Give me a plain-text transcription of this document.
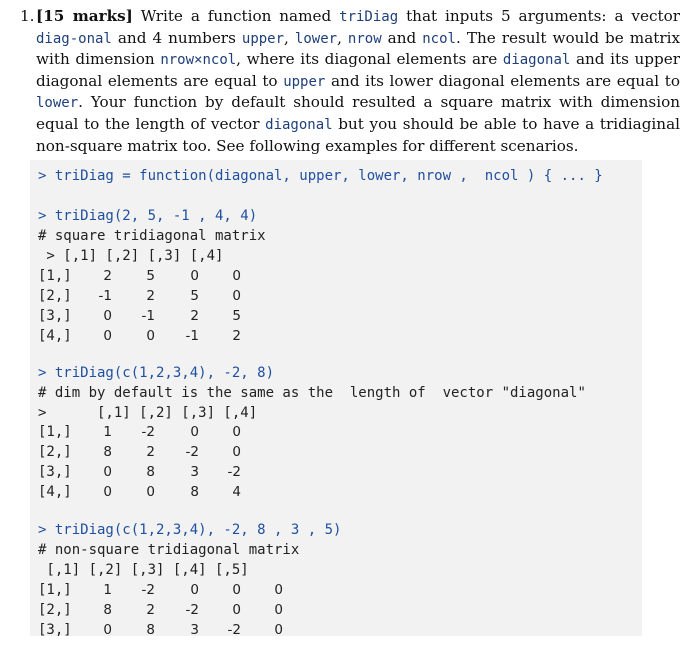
1.[15 marks] Write a function named triDiag that inputs 5 arguments: a vector diag-onal and 4 numbers upper, lower, nrow and ncol. The result would be matrix with dimension nrow×ncol, where its diagonal elements are diagonal and its upper diagonal elements are equal to upper and its lower diagonal elements are equal to lower. Your function by default should resulted a square matrix with dimension equal to the length of vector diagonal but you should be able to have a tridiaginal non-square matrix too. See following examples for different scenarios.

> triDiag = function(diagonal, upper, lower, nrow ,  ncol ) { ... }
> triDiag(2, 5, -1 , 4, 4)
# square tridiagonal matrix
> [,1] [,2] [,3] [,4]
[1,]	2	5	0	0
[2,]	-1	2	5	0
[3,]	0	-1	2	5
[4,]	0	0	-1	2
> triDiag(c(1,2,3,4), -2, 8)
# dim by default is the same as the  length of  vector "diagonal"
>      [,1] [,2] [,3] [,4]
[1,]	1	-2	0	0
[2,]	8	2	-2	0
[3,]	0	8	3	-2
[4,]	0	0	8	4
> triDiag(c(1,2,3,4), -2, 8 , 3 , 5)
# non-square tridiagonal matrix
[,1] [,2] [,3] [,4] [,5]
[1,]	1	-2	0	0	0
[2,]	8	2	-2	0	0
[3,]	0	8	3	-2	0
